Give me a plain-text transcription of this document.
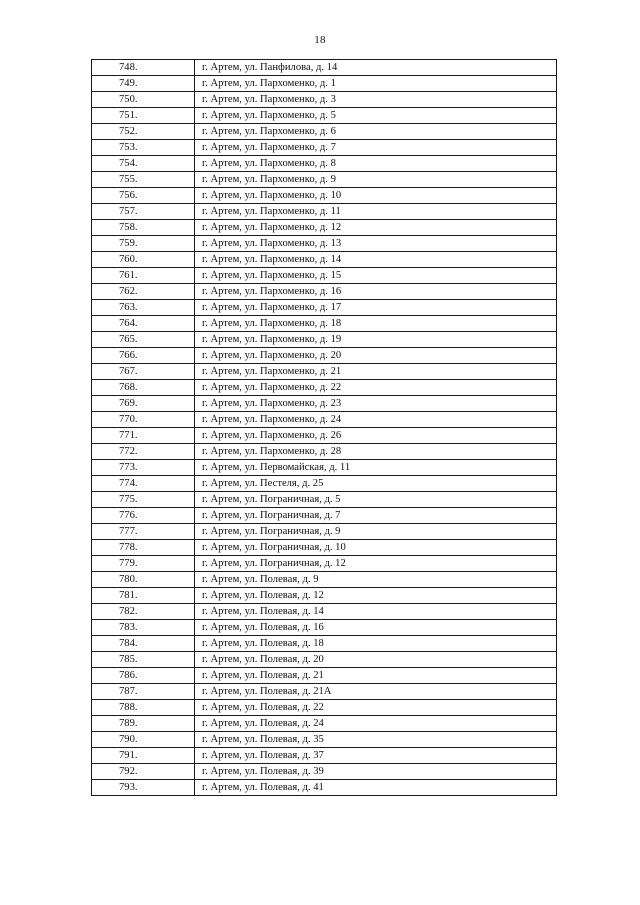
18
748.	г. Артем, ул. Панфилова, д. 14
749.	г. Артем, ул. Пархоменко, д. 1
750.	г. Артем, ул. Пархоменко, д. 3
751.	г. Артем, ул. Пархоменко, д. 5
752.	г. Артем, ул. Пархоменко, д. 6
753.	г. Артем, ул. Пархоменко, д. 7
754.	г. Артем, ул. Пархоменко, д. 8
755.	г. Артем, ул. Пархоменко, д. 9
756.	г. Артем, ул. Пархоменко, д. 10
757.	г. Артем, ул. Пархоменко, д. 11
758.	г. Артем, ул. Пархоменко, д. 12
759.	г. Артем, ул. Пархоменко, д. 13
760.	г. Артем, ул. Пархоменко, д. 14
761.	г. Артем, ул. Пархоменко, д. 15
762.	г. Артем, ул. Пархоменко, д. 16
763.	г. Артем, ул. Пархоменко, д. 17
764.	г. Артем, ул. Пархоменко, д. 18
765.	г. Артем, ул. Пархоменко, д. 19
766.	г. Артем, ул. Пархоменко, д. 20
767.	г. Артем, ул. Пархоменко, д. 21
768.	г. Артем, ул. Пархоменко, д. 22
769.	г. Артем, ул. Пархоменко, д. 23
770.	г. Артем, ул. Пархоменко, д. 24
771.	г. Артем, ул. Пархоменко, д. 26
772.	г. Артем, ул. Пархоменко, д. 28
773.	г. Артем, ул. Первомайская, д. 11
774.	г. Артем, ул. Пестеля, д. 25
775.	г. Артем, ул. Пограничная, д. 5
776.	г. Артем, ул. Пограничная, д. 7
777.	г. Артем, ул. Пограничная, д. 9
778.	г. Артем, ул. Пограничная, д. 10
779.	г. Артем, ул. Пограничная, д. 12
780.	г. Артем, ул. Полевая, д. 9
781.	г. Артем, ул. Полевая, д. 12
782.	г. Артем, ул. Полевая, д. 14
783.	г. Артем, ул. Полевая, д. 16
784.	г. Артем, ул. Полевая, д. 18
785.	г. Артем, ул. Полевая, д. 20
786.	г. Артем, ул. Полевая, д. 21
787.	г. Артем, ул. Полевая, д. 21А
788.	г. Артем, ул. Полевая, д. 22
789.	г. Артем, ул. Полевая, д. 24
790.	г. Артем, ул. Полевая, д. 35
791.	г. Артем, ул. Полевая, д. 37
792.	г. Артем, ул. Полевая, д. 39
793.	г. Артем, ул. Полевая, д. 41
